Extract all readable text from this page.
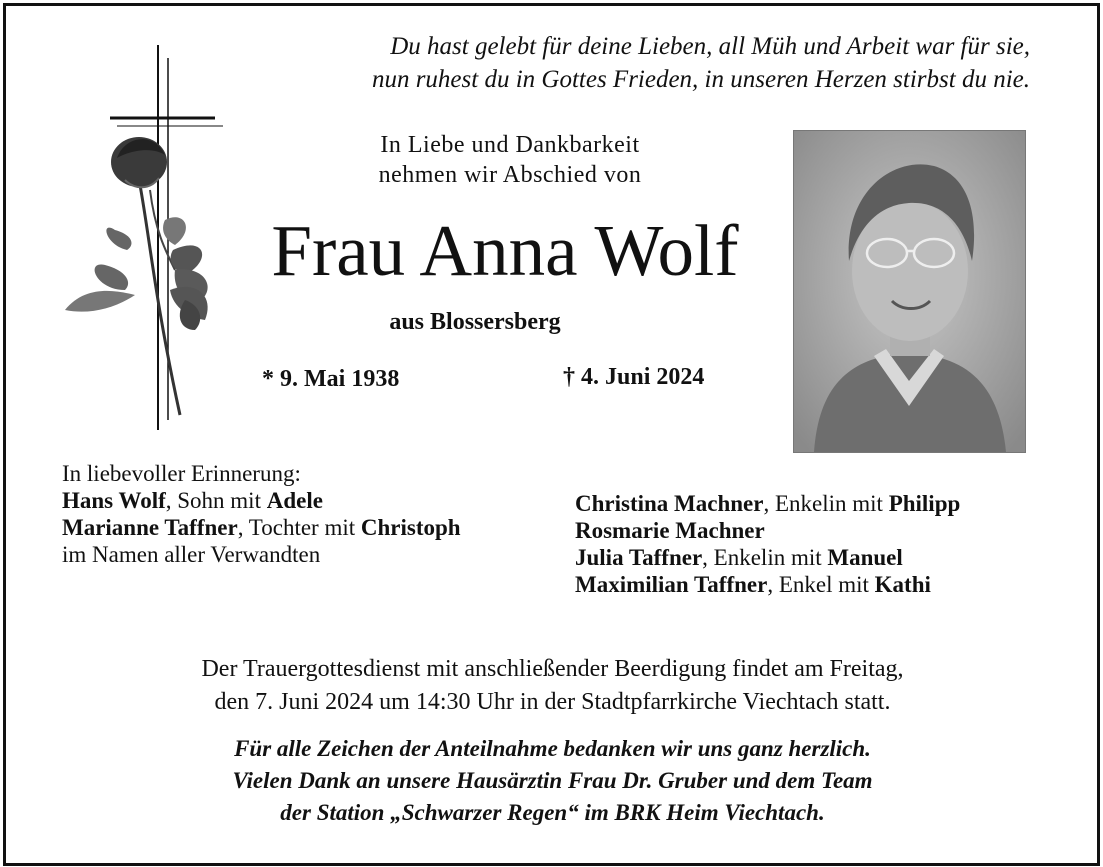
Du hast gelebt für deine Lieben, all Müh und Arbeit war für sie,
nun ruhest du in Gottes Frieden, in unseren Herzen stirbst du nie.
In Liebe und Dankbarkeit
nehmen wir Abschied von
Frau Anna Wolf
aus Blossersberg
* 9. Mai 1938	† 4. Juni 2024
In liebevoller Erinnerung:
Hans Wolf, Sohn mit Adele
Marianne Taffner, Tochter mit Christoph
im Namen aller Verwandten
Christina Machner, Enkelin mit Philipp
Rosmarie Machner
Julia Taffner, Enkelin mit Manuel
Maximilian Taffner, Enkel mit Kathi
Der Trauergottesdienst mit anschließender Beerdigung findet am Freitag,
den 7. Juni 2024 um 14:30 Uhr in der Stadtpfarrkirche Viechtach statt.
Für alle Zeichen der Anteilnahme bedanken wir uns ganz herzlich.
Vielen Dank an unsere Hausärztin Frau Dr. Gruber und dem Team
der Station „Schwarzer Regen“ im BRK Heim Viechtach.
